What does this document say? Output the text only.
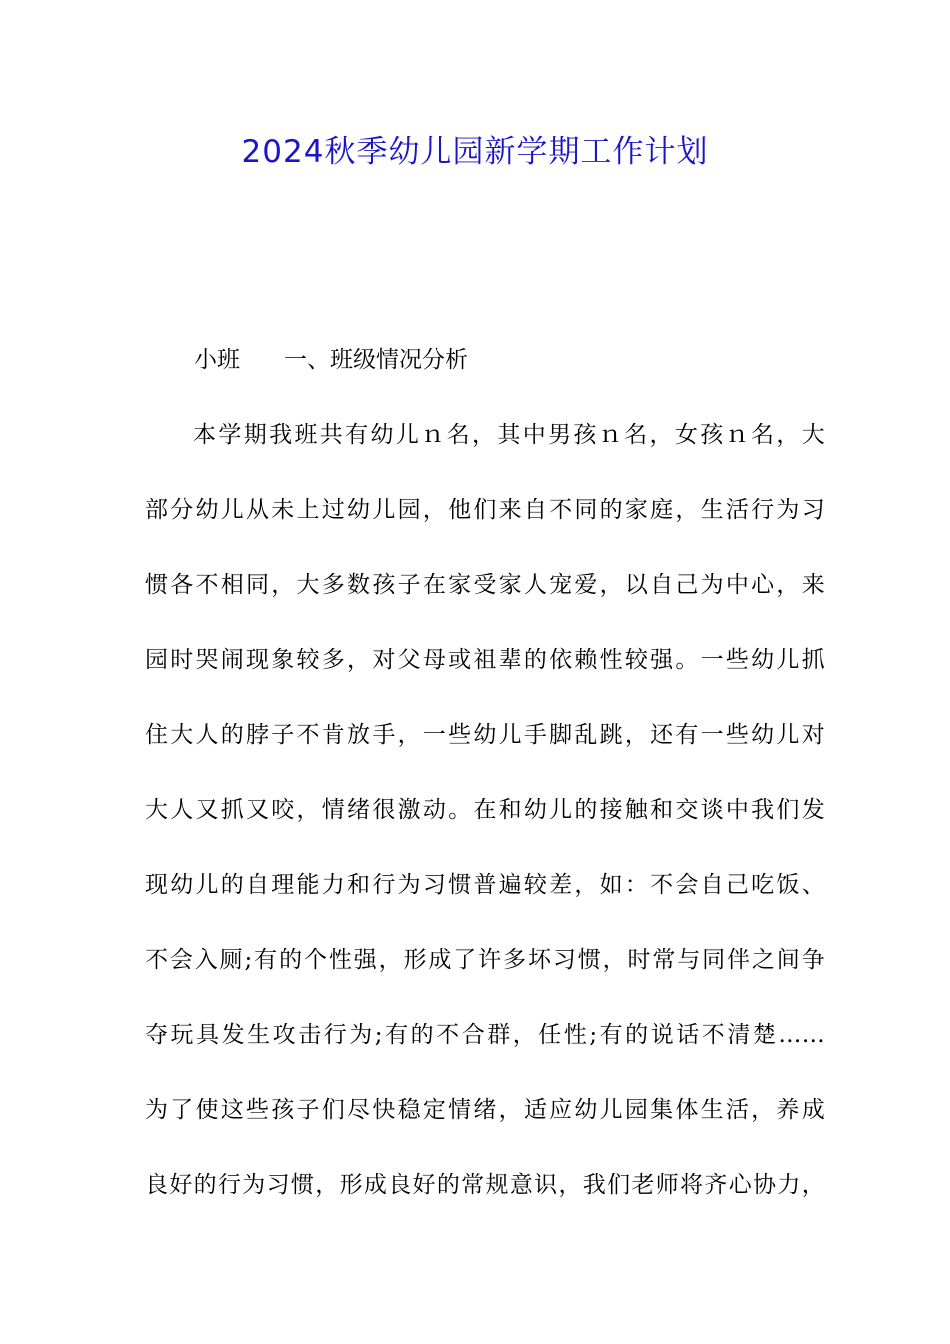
2024秋季幼儿园新学期工作计划
小班 一、班级情况分析
本学期我班共有幼儿ｎ名，其中男孩ｎ名，女孩ｎ名，大
部分幼儿从未上过幼儿园，他们来自不同的家庭，生活行为习
惯各不相同，大多数孩子在家受家人宠爱，以自己为中心，来
园时哭闹现象较多，对父母或祖辈的依赖性较强。一些幼儿抓
住大人的脖子不肯放手，一些幼儿手脚乱跳，还有一些幼儿对
大人又抓又咬，情绪很激动。在和幼儿的接触和交谈中我们发
现幼儿的自理能力和行为习惯普遍较差，如：不会自己吃饭、
不会入厕;有的个性强，形成了许多坏习惯，时常与同伴之间争
夺玩具发生攻击行为;有的不合群，任性;有的说话不清楚……
为了使这些孩子们尽快稳定情绪，适应幼儿园集体生活，养成
良好的行为习惯，形成良好的常规意识，我们老师将齐心协力，
